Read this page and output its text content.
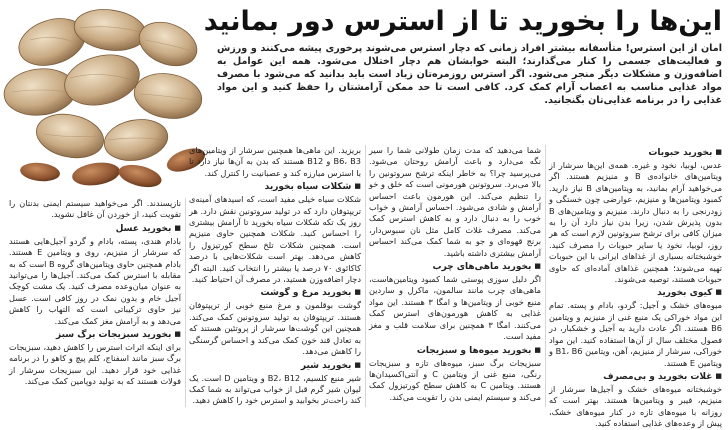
این‌ها را بخورید تا از استرس دور بمانید

امان از این استرس! متأسفانه بیشتر افراد زمانی که دچار استرس می‌شوند پرخوری پیشه می‌کنند و ورزش و فعالیت‌های جسمی را کنار می‌گذارند؛ البته خوابشان هم دچار اختلال می‌شود. همه این عوامل به اضافه‌وزن و مشکلات دیگر منجر می‌شود. اگر استرس روزمره‌تان زیاد است باید بدانید که می‌شود با مصرف مواد غذایی مناسب به اعصاب آرام کمک کرد. کافی است تا حد ممکن آرامشتان را حفظ کنید و این مواد غذایی را در برنامه غذایی‌تان بگنجانید.

■ بخورید حبوبات

عدس، لوبیا، نخود و غیره. همه‌ی این‌ها سرشار از ویتامین‌های خانواده‌ی B و منیزیم هستند. اگر می‌خواهید آرام بمانید، به ویتامین‌های B نیاز دارید. کمبود ویتامین‌ها و منیزیم، عوارضی چون خستگی و زودرنجی را به دنبال دارند. منیزیم و ویتامین‌های B بدون پذیرش شدن، زیرا بدن نیاز دارد آن را به میزان کافی برای ترشح سروتونین لازم است که هر روز، لوبیا، نخود یا سایر حبوبات را مصرف کنید. خوشبختانه بسیاری از غذاهای ایرانی با این حبوبات تهیه می‌شوند؛ همچنین غذاهای آماده‌ای که حاوی حبوبات هستند، توصیه می‌شوند.

■ کیوی بخورید

میوه‌های خشک و آجیل: گردو، بادام و پسته. تمام این مواد خوراکی یک منبع غنی از منیزیم و ویتامین B6 هستند. اگر عادت دارید به آجیل و خشکبار، در فصول مختلف سال از آن‌ها استفاده کنید. این مواد خوراکی، سرشار از منیزیم، آهن، ویتامین B1، B6 و ویتامین E هستند.

■ غلات بخورید و بی‌مصرف

خوشبختانه میوه‌های خشک و آجیل‌ها سرشار از منیزیم، فیبر و ویتامین‌ها هستند. بهتر است که روزانه با میوه‌های تازه در کنار میوه‌های خشک، پیش از وعده‌های غذایی استفاده کنید.

شما می‌دهید که مدت زمان طولانی شما را سیر نگه می‌دارد و باعث آرامش روحتان می‌شود. می‌پرسید چرا؟ به خاطر اینکه ترشح سروتونین را بالا می‌برد. سروتونین هورمونی است که خلق و خو را تنظیم می‌کند. این هورمون باعث احساس آرامش و شادی می‌شود. احساس آرامش و خواب خوب را به دنبال دارد و به کاهش استرس کمک می‌کند. مصرف غلات کامل مثل نان سبوس‌دار، برنج قهوه‌ای و جو به شما کمک می‌کند احساس آرامش بیشتری داشته باشید.

■ بخورید ماهی‌های چرب

اگر دلیل سوزی پوستی شما کمبود ویتامین‌هاست، ماهی‌های چرب مانند سالمون، ماکرل و ساردین منبع خوبی از ویتامین‌ها و امگا ۳ هستند. این مواد غذایی به کاهش هورمون‌های استرس کمک می‌کنند. امگا ۳ همچنین برای سلامت قلب و مغز مفید است.

■ بخورید میوه‌ها و سبزیجات

سبزیجات برگ سبز، میوه‌های تازه و سبزیجات رنگی، منبع غنی از ویتامین C و آنتی‌اکسیدان‌ها هستند. ویتامین C به کاهش سطح کورتیزول کمک می‌کند و سیستم ایمنی بدن را تقویت می‌کند.

بریزید. این ماهی‌ها همچنین سرشار از ویتامین‌های B6، B3 و B12 هستند که بدن به آن‌ها نیاز دارد تا با استرس مبارزه کند و عصبانیت را کنترل کند.

■ شکلات سیاه بخورید

شکلات سیاه خیلی مفید است، که اسیدهای آمینه‌ی تریپتوفان دارد که در تولید سروتونین نقش دارد. هر روز یک تکه شکلات سیاه بخورید تا آرامش بیشتری را احساس کنید. شکلات همچنین حاوی منیزیم است. همچنین شکلات تلخ سطح کورتیزول را کاهش می‌دهد. بهتر است شکلات‌هایی با درصد کاکائوی ۷۰ درصد یا بیشتر را انتخاب کنید. البته اگر دچار اضافه‌وزن هستید، در مصرف آن احتیاط کنید.

■ بخورید مرغ و گوشت

گوشت بوقلمون و مرغ منبع خوبی از تریپتوفان هستند. تریپتوفان به تولید سروتونین کمک می‌کند. همچنین این گوشت‌ها سرشار از پروتئین هستند که به تعادل قند خون کمک می‌کند و احساس گرسنگی را کاهش می‌دهد.

■ بخورید شیر

شیر منبع کلسیم، B2، B12 و ویتامین D است. یک لیوان شیر گرم قبل از خواب می‌تواند به شما کمک کند راحت‌تر بخوابید و استرس خود را کاهش دهید.

نازپسندند. اگر می‌خواهید سیستم ایمنی بدنتان را تقویت کنید، از خوردن آن غافل نشوید.

■ بخورید عسل

بادام هندی، پسته، بادام و گردو آجیل‌هایی هستند که سرشار از منیزیم، روی و ویتامین E هستند. بادام همچنین حاوی ویتامین‌های گروه B است که به مقابله با استرس کمک می‌کند. آجیل‌ها را می‌توانید به عنوان میان‌وعده مصرف کنید. یک مشت کوچک آجیل خام و بدون نمک در روز کافی است. عسل نیز حاوی ترکیباتی است که التهاب را کاهش می‌دهد و به آرامش مغز کمک می‌کند.

■ بخورید سبزیجات برگ سبز

برای اینکه اثرات استرس را کاهش دهید، سبزیجات برگ سبز مانند اسفناج، کلم پیچ و کاهو را در برنامه غذایی خود قرار دهید. این سبزیجات سرشار از فولات هستند که به تولید دوپامین کمک می‌کند.
